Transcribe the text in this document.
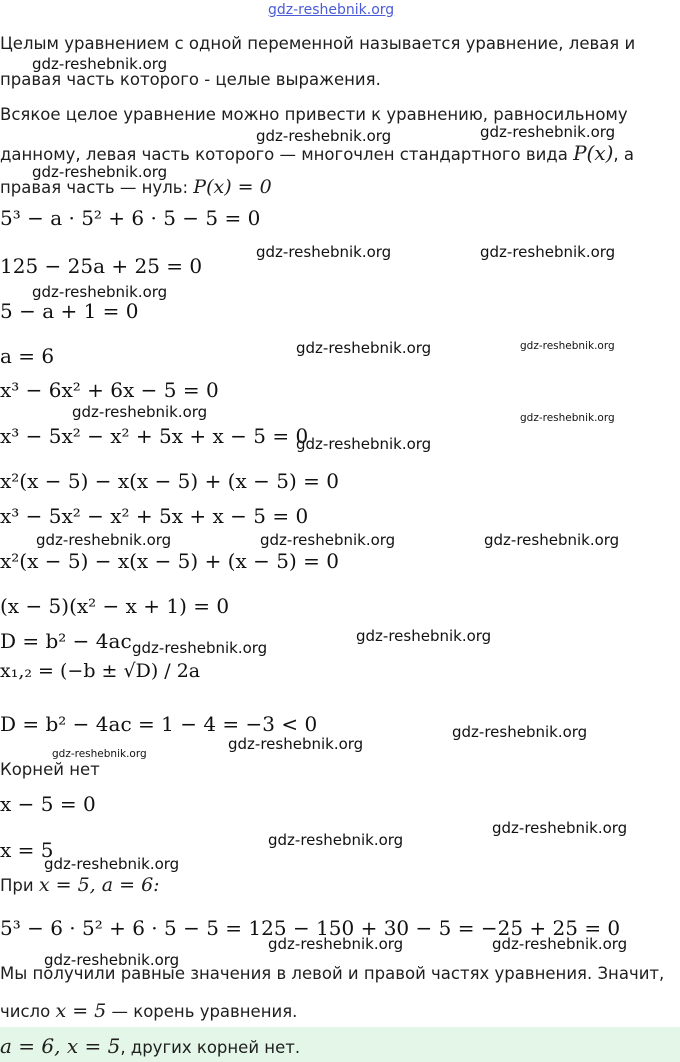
gdz-reshebnik.org
gdz-reshebnik.org
gdz-reshebnik.org	gdz-reshebnik.org
gdz-reshebnik.org
gdz-reshebnik.org	gdz-reshebnik.org
gdz-reshebnik.org
gdz-reshebnik.org	gdz-reshebnik.org
gdz-reshebnik.org	gdz-reshebnik.org
gdz-reshebnik.org
gdz-reshebnik.org	gdz-reshebnik.org	gdz-reshebnik.org
gdz-reshebnik.org
gdz-reshebnik.org
gdz-reshebnik.org
gdz-reshebnik.org
gdz-reshebnik.org
gdz-reshebnik.org
gdz-reshebnik.org
gdz-reshebnik.org
gdz-reshebnik.org	gdz-reshebnik.org
gdz-reshebnik.org
Целым уравнением с одной переменной называется уравнение, левая и
правая часть которого - целые выражения.
Всякое целое уравнение можно привести к уравнению, равносильному
данному, левая часть которого — многочлен стандартного вида P(x), а
правая часть — нуль: P(x) = 0
5³ − a · 5² + 6 · 5 − 5 = 0
125 − 25a + 25 = 0
5 − a + 1 = 0
a = 6
x³ − 6x² + 6x − 5 = 0
x³ − 5x² − x² + 5x + x − 5 = 0
x²(x − 5) − x(x − 5) + (x − 5) = 0
x³ − 5x² − x² + 5x + x − 5 = 0
x²(x − 5) − x(x − 5) + (x − 5) = 0
(x − 5)(x² − x + 1) = 0
D = b² − 4ac
x₁,₂ = (−b ± √D) / 2a
D = b² − 4ac = 1 − 4 = −3 < 0
Корней нет
x − 5 = 0
x = 5
При x = 5, a = 6:
5³ − 6 · 5² + 6 · 5 − 5 = 125 − 150 + 30 − 5 = −25 + 25 = 0
Мы получили равные значения в левой и правой частях уравнения. Значит,
число x = 5 — корень уравнения.
a = 6, x = 5, других корней нет.
